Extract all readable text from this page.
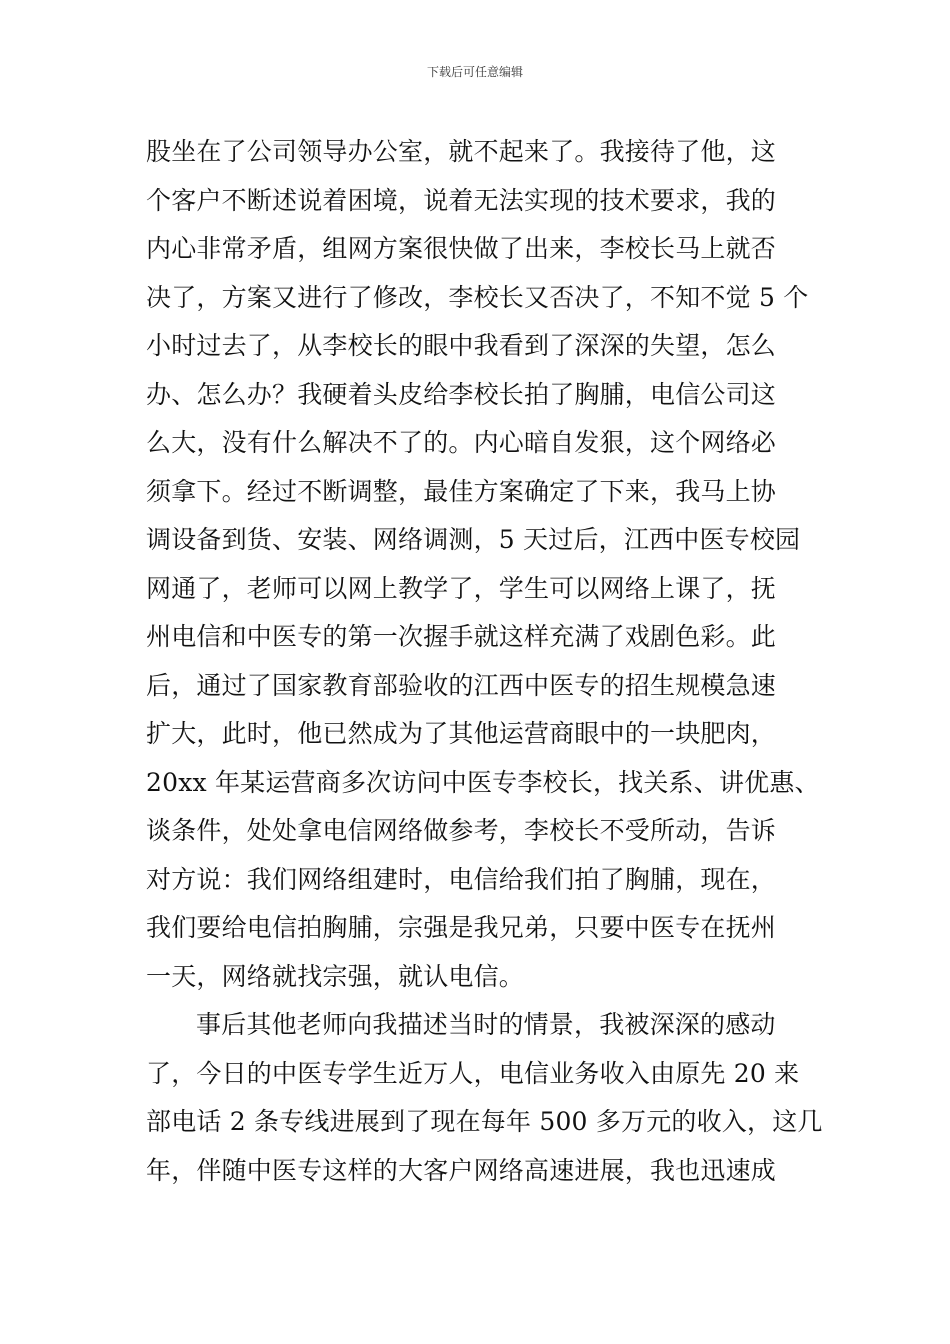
下载后可任意编辑
股坐在了公司领导办公室，就不起来了。我接待了他，这
个客户不断述说着困境，说着无法实现的技术要求，我的
内心非常矛盾，组网方案很快做了出来，李校长马上就否
决了，方案又进行了修改，李校长又否决了，不知不觉 5 个
小时过去了，从李校长的眼中我看到了深深的失望，怎么
办、怎么办？我硬着头皮给李校长拍了胸脯，电信公司这
么大，没有什么解决不了的。内心暗自发狠，这个网络必
须拿下。经过不断调整，最佳方案确定了下来，我马上协
调设备到货、安装、网络调测，5 天过后，江西中医专校园
网通了，老师可以网上教学了，学生可以网络上课了，抚
州电信和中医专的第一次握手就这样充满了戏剧色彩。此
后，通过了国家教育部验收的江西中医专的招生规模急速
扩大，此时，他已然成为了其他运营商眼中的一块肥肉，
20xx 年某运营商多次访问中医专李校长，找关系、讲优惠、
谈条件，处处拿电信网络做参考，李校长不受所动，告诉
对方说：我们网络组建时，电信给我们拍了胸脯，现在，
我们要给电信拍胸脯，宗强是我兄弟，只要中医专在抚州
一天，网络就找宗强，就认电信。
事后其他老师向我描述当时的情景，我被深深的感动
了，今日的中医专学生近万人，电信业务收入由原先 20 来
部电话 2 条专线进展到了现在每年 500 多万元的收入，这几
年，伴随中医专这样的大客户网络高速进展，我也迅速成
